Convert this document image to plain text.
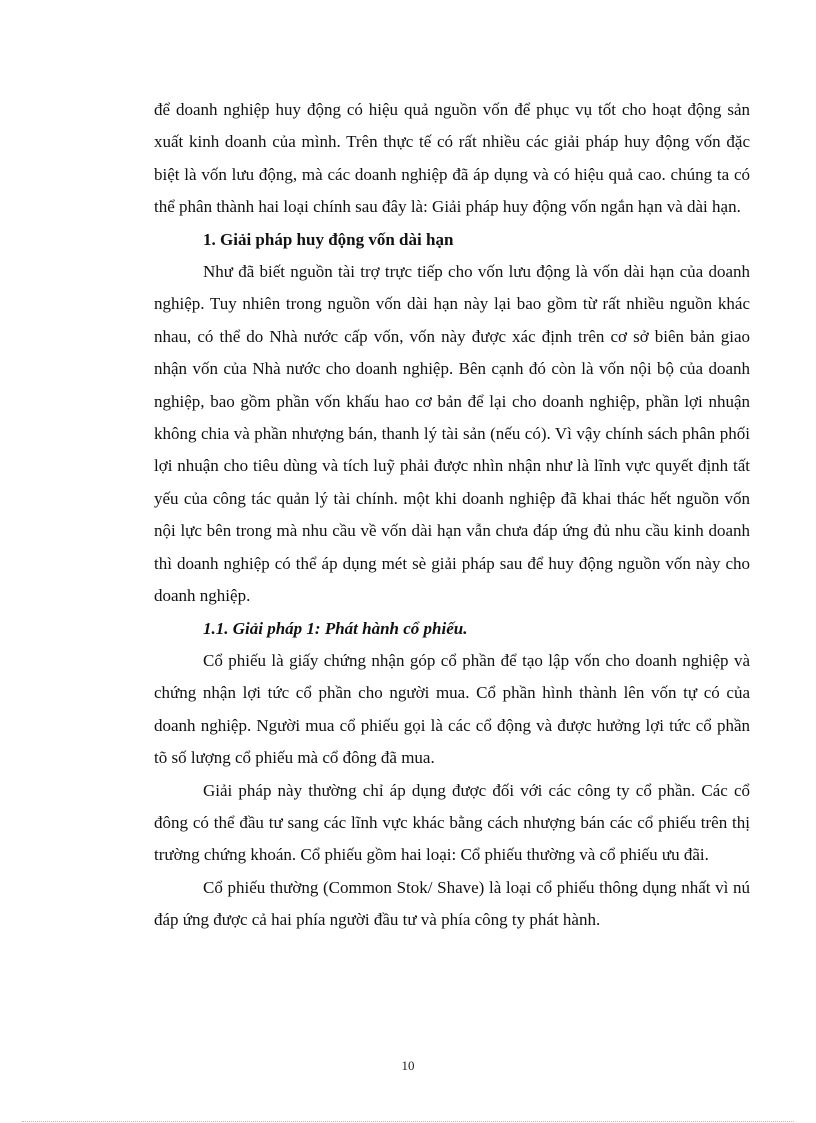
để doanh nghiệp huy động có hiệu quả nguồn vốn để phục vụ tốt cho hoạt động sản xuất kinh doanh của mình. Trên thực tế có rất nhiều các giải pháp huy động vốn đặc biệt là vốn lưu động, mà các doanh nghiệp đã áp dụng và có hiệu quả cao. chúng ta có thể phân thành hai loại chính sau đây là: Giải pháp huy động vốn ngắn hạn và dài hạn.

1. Giải pháp huy động vốn dài hạn

Như đã biết nguồn tài trợ trực tiếp cho vốn lưu động là vốn dài hạn của doanh nghiệp. Tuy nhiên trong nguồn vốn dài hạn này lại bao gồm từ rất nhiều nguồn khác nhau, có thể do Nhà nước cấp vốn, vốn này được xác định trên cơ sở biên bản giao nhận vốn của Nhà nước cho doanh nghiệp. Bên cạnh đó còn là vốn nội bộ của doanh nghiệp, bao gồm phần vốn khấu hao cơ bản để lại cho doanh nghiệp, phần lợi nhuận không chia và phần nhượng bán, thanh lý tài sản (nếu có). Vì vậy chính sách phân phối lợi nhuận cho tiêu dùng và tích luỹ phải được nhìn nhận như là lĩnh vực quyết định tất yếu của công tác quản lý tài chính. một khi doanh nghiệp đã khai thác hết nguồn vốn nội lực bên trong mà nhu cầu về vốn dài hạn vẫn chưa đáp ứng đủ nhu cầu kinh doanh thì doanh nghiệp có thể áp dụng mét sè giải pháp sau để huy động nguồn vốn này cho doanh nghiệp.

1.1. Giải pháp 1: Phát hành cổ phiếu.

Cổ phiếu là giấy chứng nhận góp cổ phần để tạo lập vốn cho doanh nghiệp và chứng nhận lợi tức cổ phần cho người mua. Cổ phần hình thành lên vốn tự có của doanh nghiệp. Người mua cổ phiếu gọi là các cổ động và được hưởng lợi tức cổ phần tõ số lượng cổ phiếu mà cổ đông đã mua.

Giải pháp này thường chỉ áp dụng được đối với các công ty cổ phần. Các cổ đông có thể đầu tư sang các lĩnh vực khác bằng cách nhượng bán các cổ phiếu trên thị trường chứng khoán. Cổ phiếu gồm hai loại: Cổ phiếu thường và cổ phiếu ưu đãi.

Cổ phiếu thường (Common Stok/ Shave) là loại cổ phiếu thông dụng nhất vì nú đáp ứng được cả hai phía người đầu tư và phía công ty phát hành.

10
